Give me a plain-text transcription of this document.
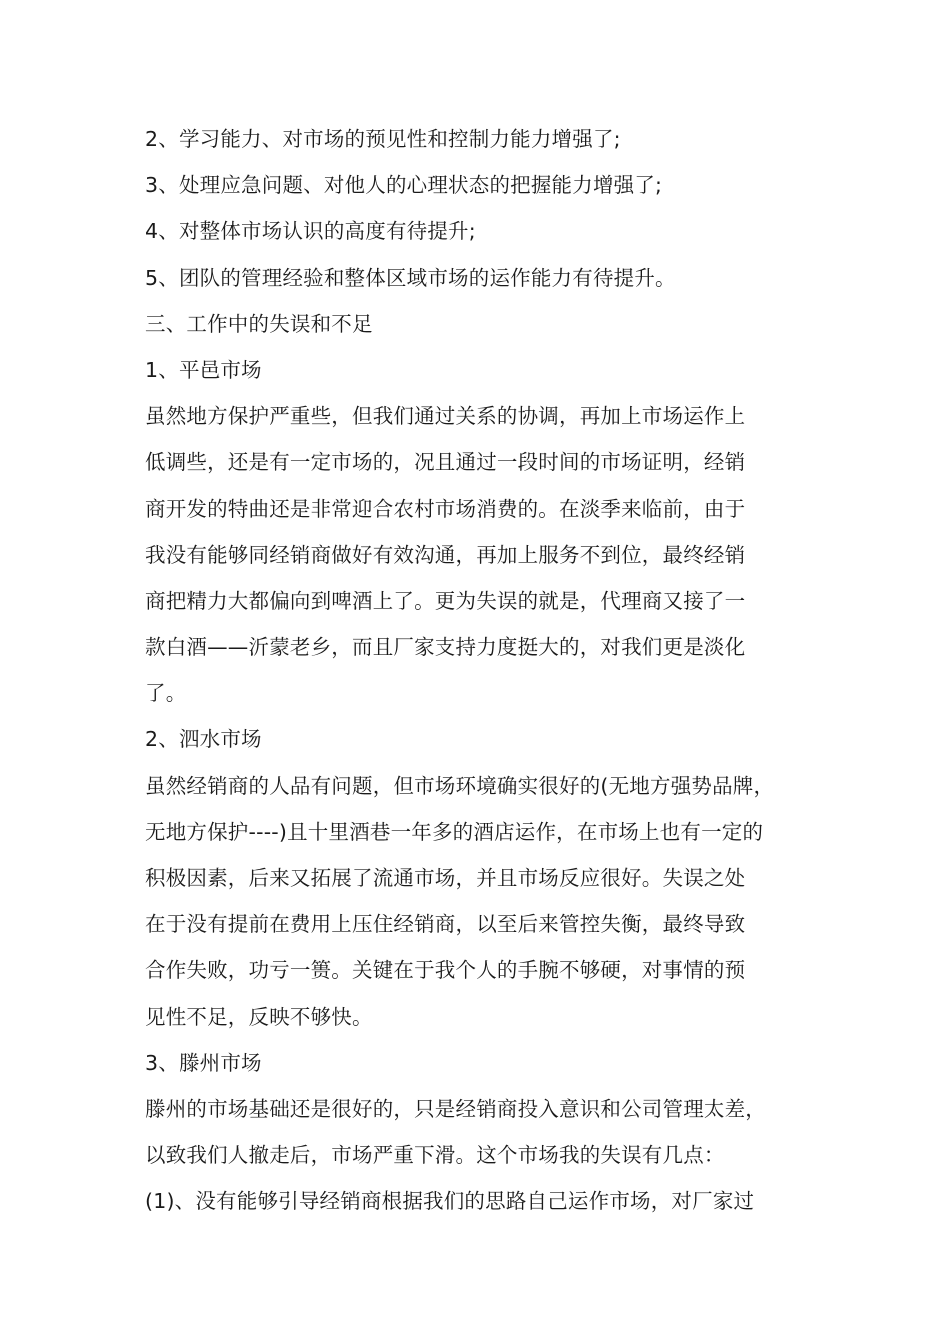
2、学习能力、对市场的预见性和控制力能力增强了;
3、处理应急问题、对他人的心理状态的把握能力增强了;
4、对整体市场认识的高度有待提升;
5、团队的管理经验和整体区域市场的运作能力有待提升。
三、工作中的失误和不足
1、平邑市场
虽然地方保护严重些，但我们通过关系的协调，再加上市场运作上
低调些，还是有一定市场的，况且通过一段时间的市场证明，经销
商开发的特曲还是非常迎合农村市场消费的。在淡季来临前，由于
我没有能够同经销商做好有效沟通，再加上服务不到位，最终经销
商把精力大都偏向到啤酒上了。更为失误的就是，代理商又接了一
款白酒——沂蒙老乡，而且厂家支持力度挺大的，对我们更是淡化
了。
2、泗水市场
虽然经销商的人品有问题，但市场环境确实很好的(无地方强势品牌，
无地方保护----)且十里酒巷一年多的酒店运作，在市场上也有一定的
积极因素，后来又拓展了流通市场，并且市场反应很好。失误之处
在于没有提前在费用上压住经销商，以至后来管控失衡，最终导致
合作失败，功亏一篑。关键在于我个人的手腕不够硬，对事情的预
见性不足，反映不够快。
3、滕州市场
滕州的市场基础还是很好的，只是经销商投入意识和公司管理太差，
以致我们人撤走后，市场严重下滑。这个市场我的失误有几点：
(1)、没有能够引导经销商根据我们的思路自己运作市场，对厂家过
